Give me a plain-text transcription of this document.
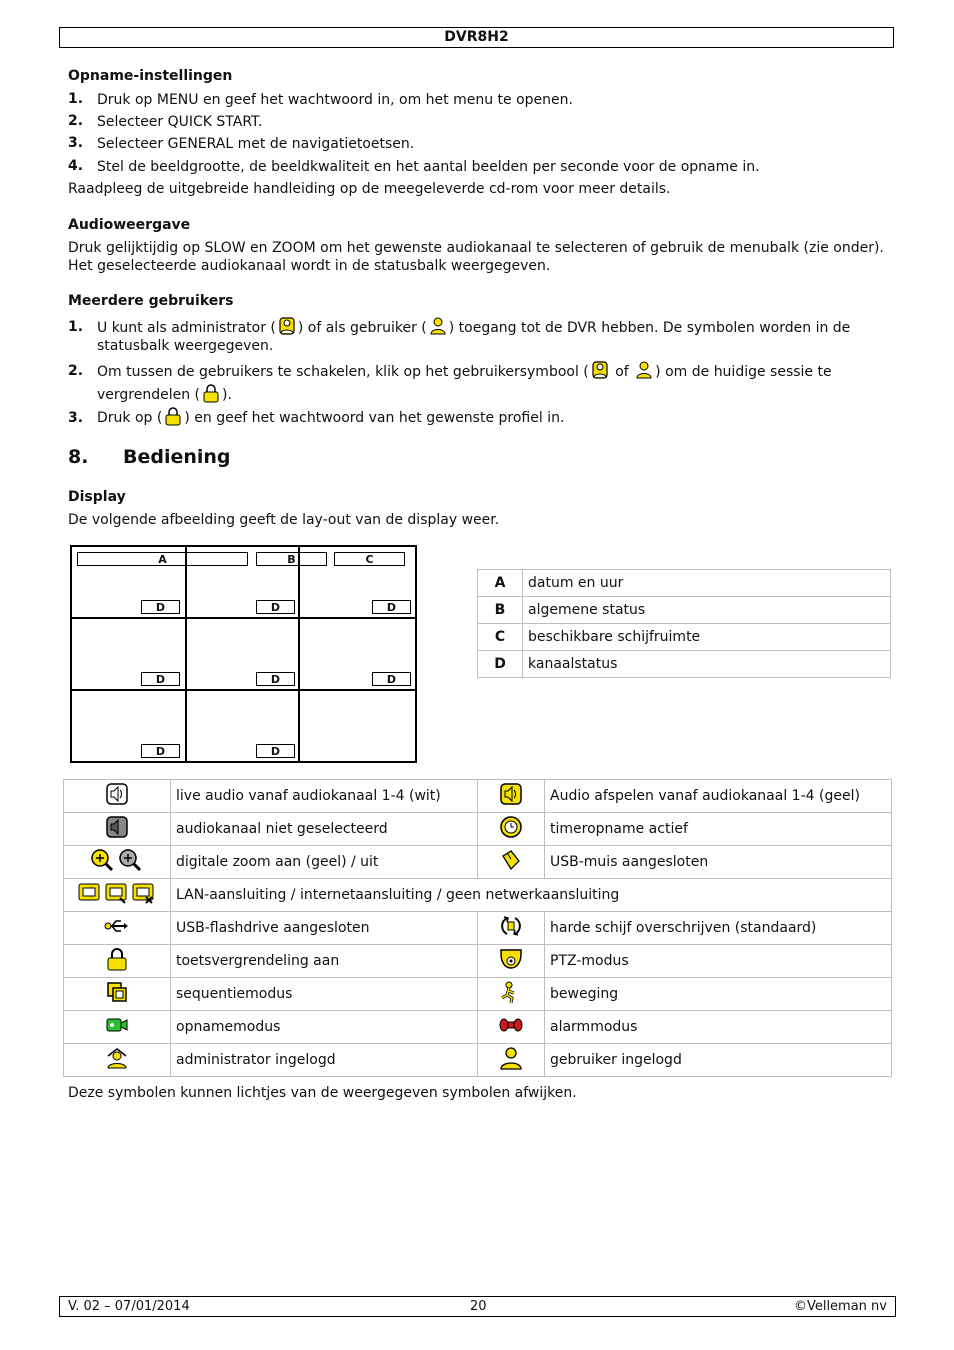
DVR8H2
Opname-instellingen
1. Druk op MENU en geef het wachtwoord in, om het menu te openen.
2. Selecteer QUICK START.
3. Selecteer GENERAL met de navigatietoetsen.
4. Stel de beeldgrootte, de beeldkwaliteit en het aantal beelden per seconde voor de opname in.
Raadpleeg de uitgebreide handleiding op de meegeleverde cd-rom voor meer details.
Audioweergave
Druk gelijktijdig op SLOW en ZOOM om het gewenste audiokanaal te selecteren of gebruik de menubalk (zie onder). Het geselecteerde audiokanaal wordt in de statusbalk weergegeven.
Meerdere gebruikers
1. U kunt als administrator ( ) of als gebruiker ( ) toegang tot de DVR hebben. De symbolen worden in de
statusbalk weergegeven.
2. Om tussen de gebruikers te schakelen, klik op het gebruikersymbool ( of ) om de huidige sessie te
vergrendelen ( ).
3. Druk op ( ) en geef het wachtwoord van het gewenste profiel in.
8. Bediening
Display
De volgende afbeelding geeft de lay-out van de display weer.
A	B	C
D	D	D
D	D	D
D	D
A	datum en uur
B	algemene status
C	beschikbare schijfruimte
D	kanaalstatus
	live audio vanaf audiokanaal 1-4 (wit)		Audio afspelen vanaf audiokanaal 1-4 (geel)
	audiokanaal niet geselecteerd		timeropname actief
	digitale zoom aan (geel) / uit		USB-muis aangesloten
	LAN-aansluiting / internetaansluiting / geen netwerkaansluiting		
	USB-flashdrive aangesloten		harde schijf overschrijven (standaard)
	toetsvergrendeling aan		PTZ-modus
	sequentiemodus		beweging
	opnamemodus		alarmmodus
	administrator ingelogd		gebruiker ingelogd
Deze symbolen kunnen lichtjes van de weergegeven symbolen afwijken.
V. 02 – 07/01/2014	20	©Velleman nv
